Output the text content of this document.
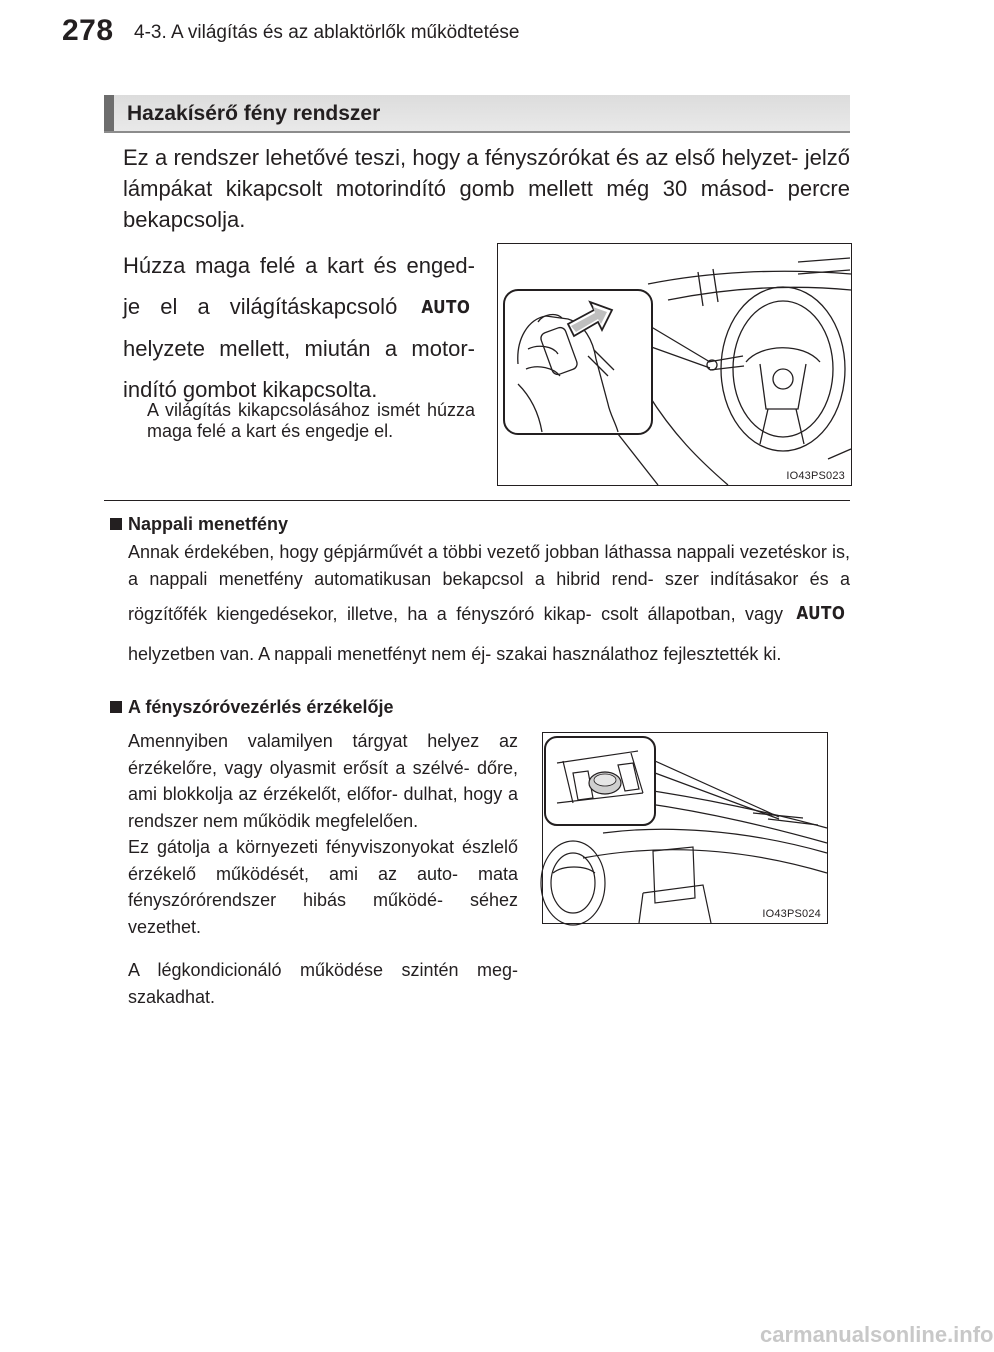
278 4-3. A világítás és az ablaktörlők működtetése
Hazakísérő fény rendszer
Ez a rendszer lehetővé teszi, hogy a fényszórókat és az első helyzet- jelző lámpákat kikapcsolt motorindító gomb mellett még 30 másod- percre bekapcsolja.
Húzza maga felé a kart és enged- je el a világításkapcsoló AUTO helyzete mellett, miután a motor- indító gombot kikapcsolta.
A világítás kikapcsolásához ismét húzza maga felé a kart és engedje el.
IO43PS023
Nappali menetfény
Annak érdekében, hogy gépjárművét a többi vezető jobban láthassa nappali vezetéskor is, a nappali menetfény automatikusan bekapcsol a hibrid rend- szer indításakor és a rögzítőfék kiengedésekor, illetve, ha a fényszóró kikap- csolt állapotban, vagy AUTO helyzetben van. A nappali menetfényt nem éj- szakai használathoz fejlesztették ki.
A fényszóróvezérlés érzékelője
Amennyiben valamilyen tárgyat helyez az érzékelőre, vagy olyasmit erősít a szélvé- dőre, ami blokkolja az érzékelőt, előfor- dulhat, hogy a rendszer nem működik megfelelően.
Ez gátolja a környezeti fényviszonyokat észlelő érzékelő működését, ami az auto- mata fényszórórendszer hibás működé- séhez vezethet.
A légkondicionáló működése szintén meg- szakadhat.
IO43PS024
carmanualsonline.info
